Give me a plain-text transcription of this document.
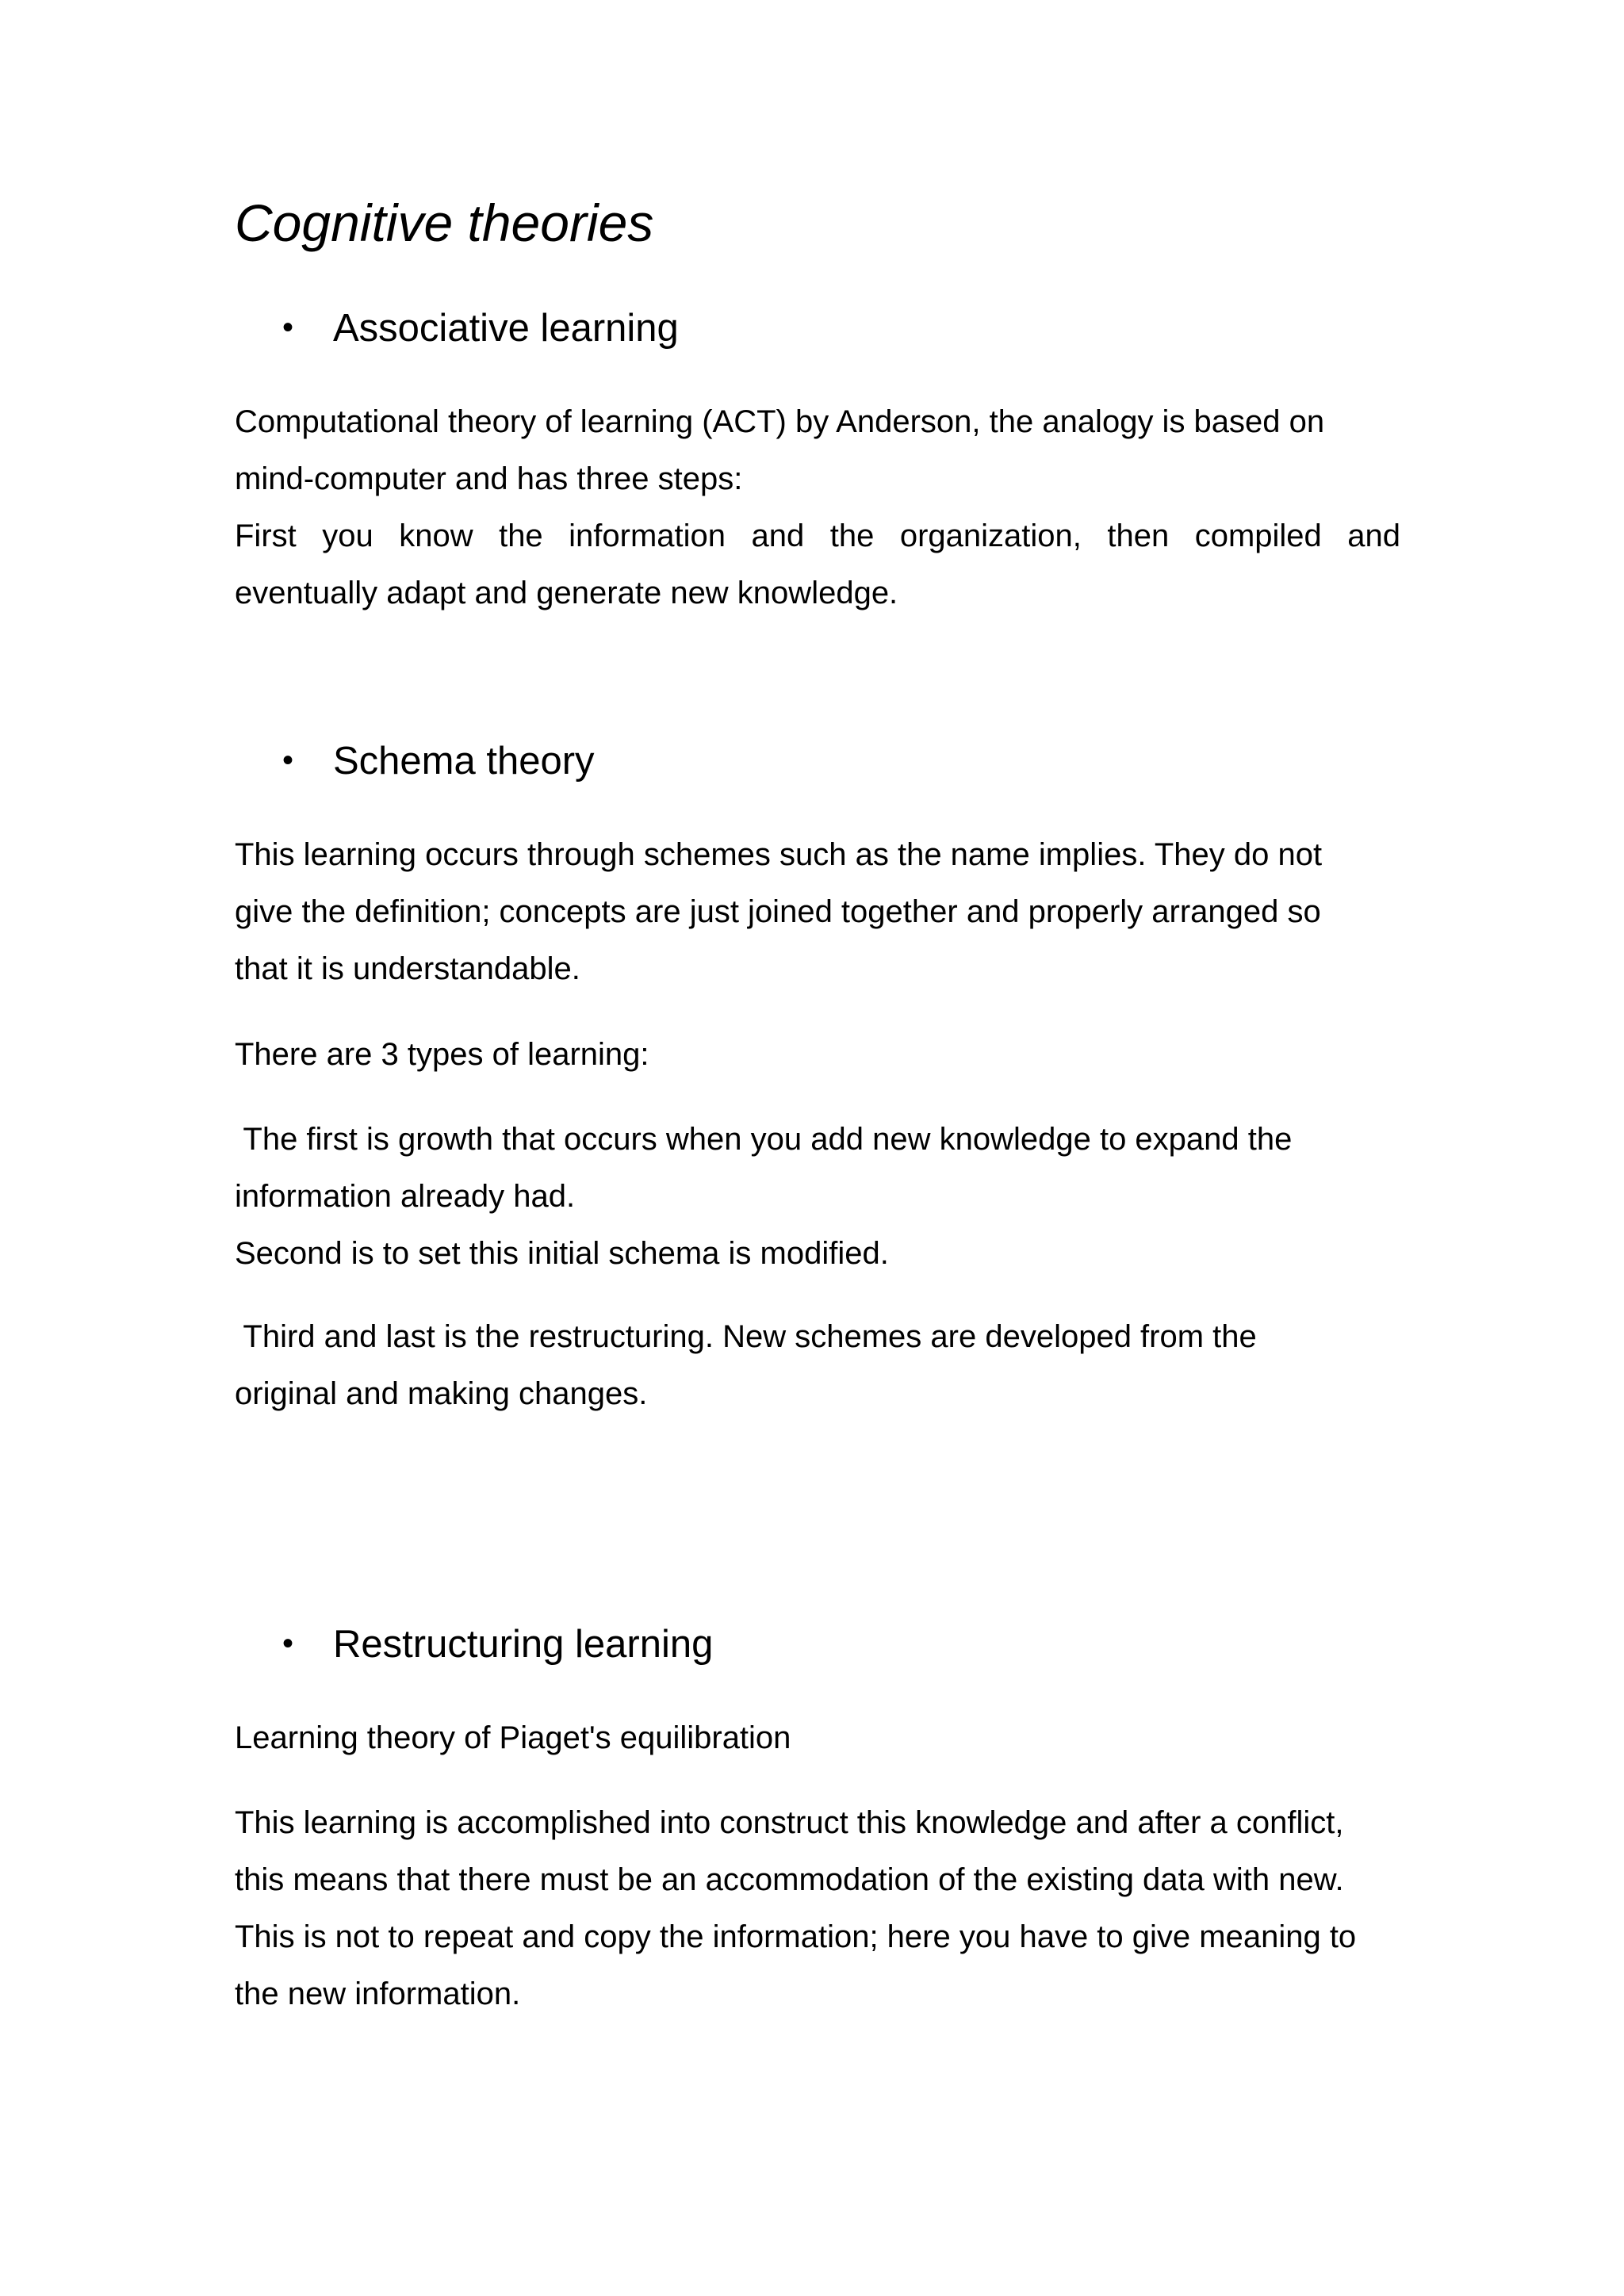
Cognitive theories
• Associative learning

Computational theory of learning (ACT) by Anderson, the analogy is based on
mind-computer and has three steps:
First you know the information and the organization, then compiled and
eventually adapt and generate new knowledge.

• Schema theory

This learning occurs through schemes such as the name implies. They do not
give the definition; concepts are just joined together and properly arranged so
that it is understandable.

There are 3 types of learning:

The first is growth that occurs when you add new knowledge to expand the
information already had.
Second is to set this initial schema is modified.

Third and last is the restructuring. New schemes are developed from the
original and making changes.

• Restructuring learning

Learning theory of Piaget's equilibration

This learning is accomplished into construct this knowledge and after a conflict,
this means that there must be an accommodation of the existing data with new.
This is not to repeat and copy the information; here you have to give meaning to
the new information.
